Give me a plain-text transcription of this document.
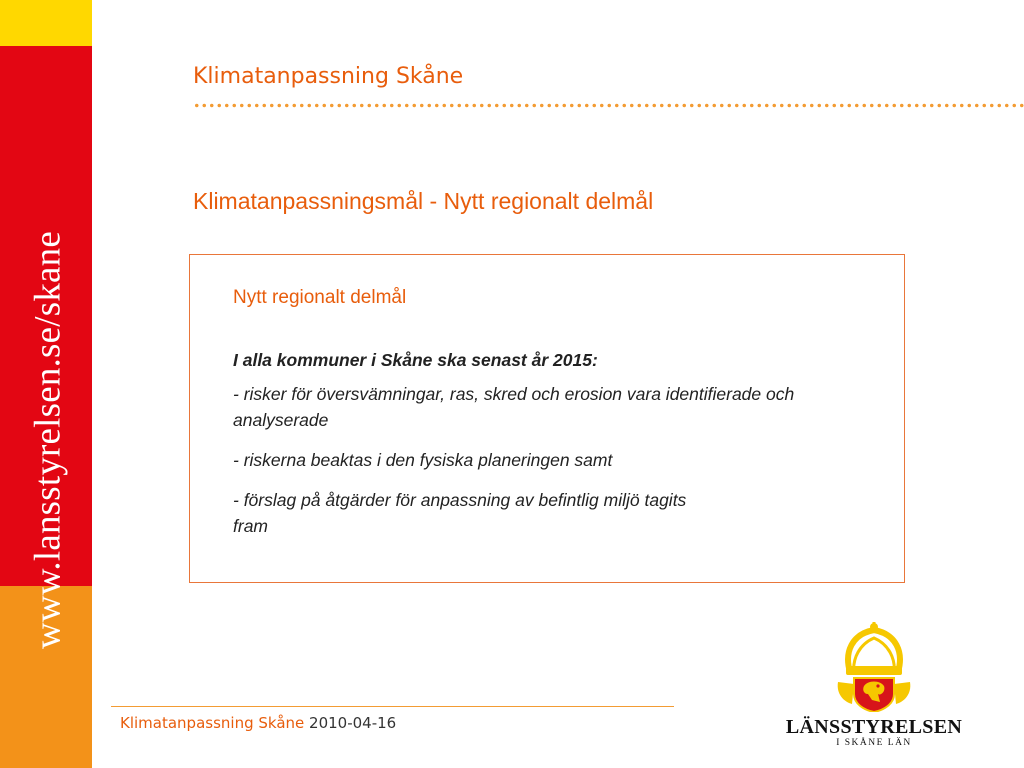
www.lansstyrelsen.se/skane
Klimatanpassning Skåne
Klimatanpassningsmål - Nytt regionalt delmål
Nytt regionalt delmål

I alla kommuner i Skåne ska senast år 2015:

- risker för översvämningar, ras, skred och erosion vara identifierade och analyserade

- riskerna beaktas i den fysiska planeringen samt

- förslag på åtgärder för anpassning av befintlig miljö tagits fram

Klimatanpassning Skåne 2010-04-16	LÄNSSTYRELSEN
I SKÅNE LÄN
